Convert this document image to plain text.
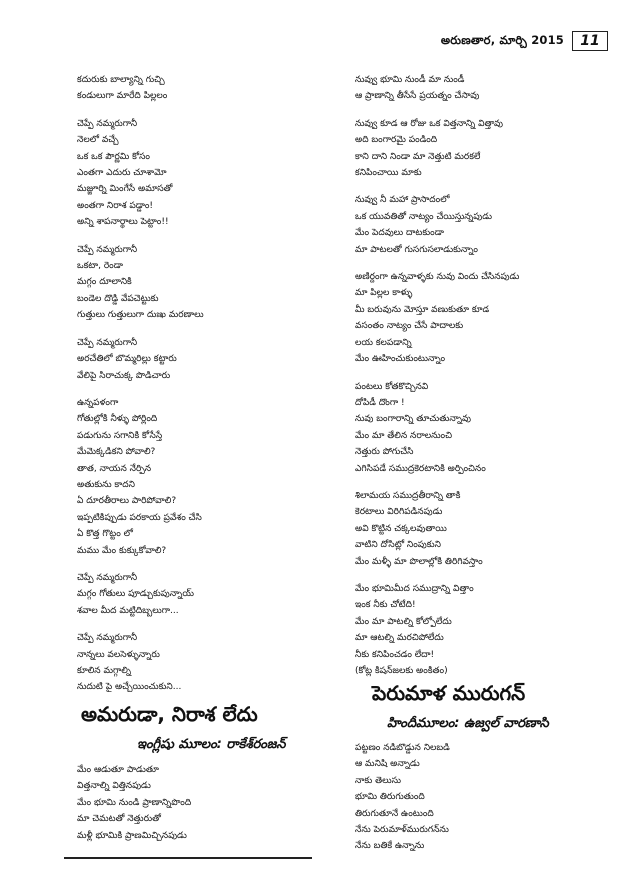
అరుణతార, మార్చి 2015	11
కదురుకు బాల్యాన్ని గుచ్చి
కండులుగా మారేది పిల్లలం
చెప్పే నమ్మరుగానీ
నెలలో వచ్చే
ఒక ఒక పౌర్ణమి కోసం
ఎంతగా ఎదురు చూశామో
మజ్జూర్ని మింగేసే అమాసతో
అంతగా నిరాశ పడ్డాం!
అన్ని శాపనార్థాలు పెట్టాం!!
చెప్పే నమ్మరుగానీ
ఒకటా, రెండా
మగ్గం దూలానికి
బండెల దొడ్డి వేపచెట్టుకు
గుత్తులు గుత్తులుగా దుఃఖ మరణాలు
చెప్పే నమ్మరుగానీ
అరచేతిలో బొమ్మరిల్లు కట్టారు
వేలిపై సిరాచుక్క పొడిచారు
ఉన్నపళంగా
గోతుల్లోకి నీళ్ళు పోర్లింది
పడుగును సగానికి కోసేస్తే
మేమెక్కడికని పోవాలి?
తాత, నాయన నేర్పిన
అతుకును కాదని
ఏ దూరతీరాలు పారిపోవాలి?
ఇప్పటికిప్పుడు పరకాయ ప్రవేశం చేసి
ఏ కొత్త గొట్టం లో
మము మేం కుక్కుకోవాలి?
చెప్పే నమ్మరుగానీ
మగ్గం గోతులు పూడ్చుకుపున్నాయ్
శవాల మీద మట్టిదిబ్బలుగా...
చెప్పే నమ్మరుగానీ
నాన్నలు వలసెళ్ళున్నారు
కూలిన మగ్గాల్ని
నుదుటి పై అచ్చేయించుకుని...
నువ్వు భూమి నుండీ మా నుండీ
ఆ ప్రాణాన్ని తీసేసే ప్రయత్నం చేసావు
నువ్వు కూడ ఆ రోజు ఒక విత్తనాన్ని విత్తావు
అది బంగారమై పండింది
కాని దాని నిండా మా నెత్తుటి మరకలే
కనిపించాయి మాకు
నువ్వు నీ మహా ప్రాసాదంలో
ఒక యువతితో నాట్యం చేయిస్తున్నపుడు
మేం పెదవులు దాటకుండా
మా పాటలతో గుసగుసలాడుకున్నాం
అణిర్దంగా ఉన్నవాళ్ళకు నువు విందు చేసినపుడు
మా పిల్లల కాళ్ళు
మీ బరువును మోస్తూ వణుకుతూ కూడ
వసంతం నాట్యం చేసే పాదాలకు
లయ కలపడాన్ని
మేం ఊహించుకుంటున్నాం
పంటలు కోతకొచ్చినవి
దోపిడీ దొంగా !
నువు బంగారాన్ని తూచుతున్నావు
మేం మా తేలిన నరాలనుంచి
నెత్తురు పోగుచేసి
ఎగిసిపడే సముద్రకెరటానికి అర్పించినం
శిలామయ సముద్రతీరాన్ని తాకి
కెరటాలు విరిగిపడినపుడు
అవి కొట్టిన చక్కలవుతాయి
వాటిని దోసిట్లో నింపుకుని
మేం మళ్ళీ మా పొలాల్లోకి తిరిగివస్తాం
మేం భూమిమీద సముద్రాన్ని విత్తాం
ఇంక నీకు చోటేది!
మేం మా పాటల్ని కోల్పోలేదు
మా ఆటల్ని మరచిపోలేదు
నీకు కనిపించడం లేదా!
(కోట్ల కిషన్‌జలకు అంకితం)
అమరుడా, నిరాశ లేదు
ఇంగ్లీషు మూలం: రాకేశ్‌రంజన్
మేం ఆడుతూ పాడుతూ
విత్తనాల్ని విత్తినపుడు
మేం భూమి నుండి ప్రాణాన్నిపొంది
మా చెమటతో నెత్తురుతో
మళ్లీ భూమికి ప్రాణమిచ్చినపుడు
పెరుమాళ మురుగన్
హిందీమూలం: ఉజ్వల్ వారణాసి
పట్టణం నడిబొడ్డున నిలబడి
ఆ మనిషి అన్నాడు
నాకు తెలుసు
భూమి తిరుగుతుంది
తిరుగుతూనే ఉంటుంది
నేను పెరుమాళ్‌మురుగన్‌ను
నేను బతికే ఉన్నాను
